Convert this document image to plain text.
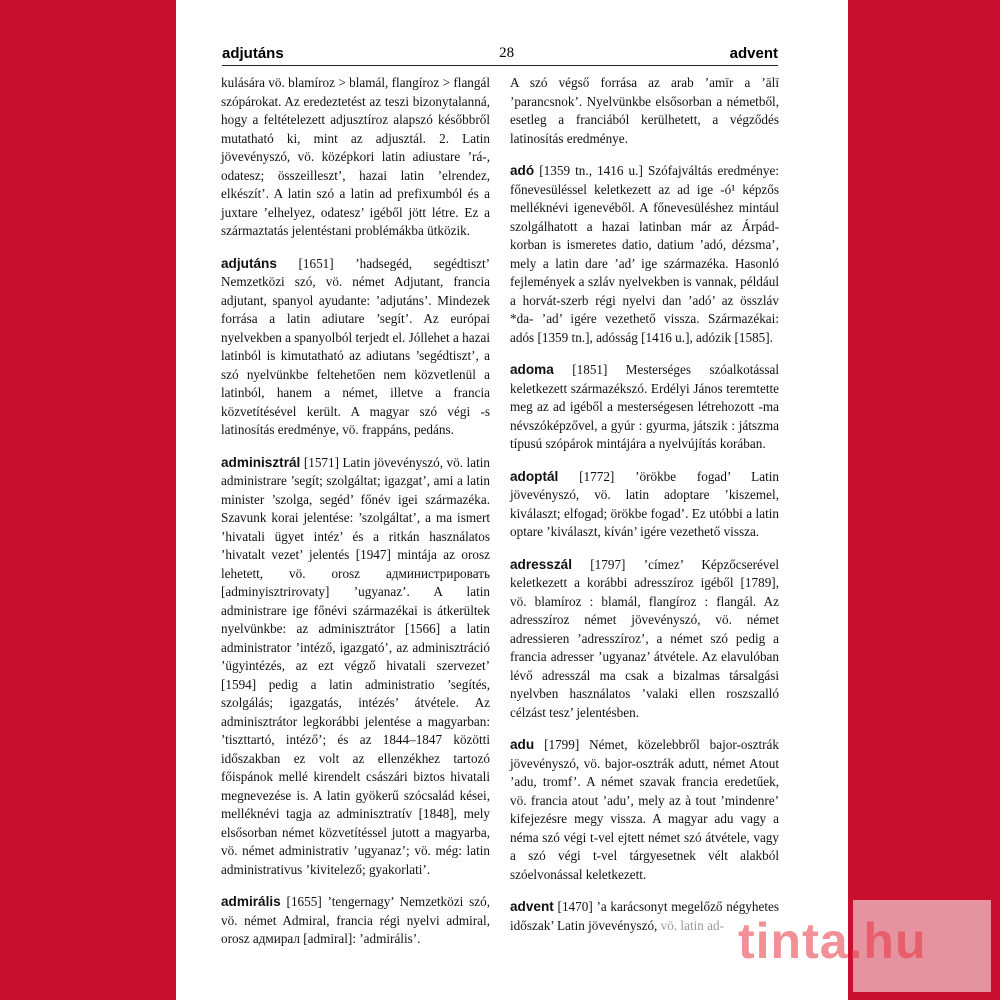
adjutáns	28	advent

kulására vö. blamíroz > blamál, flangíroz > flangál szópárokat. Az eredeztetést az teszi bizonytalanná, hogy a feltételezett adjusztíroz alapszó későbbről mutatható ki, mint az adjusztál. 2. Latin jövevényszó, vö. középkori latin adiustare ’rá-, odatesz; összeilleszt’, hazai latin ’elrendez, elkészít’. A latin szó a latin ad prefixumból és a juxtare ’elhelyez, odatesz’ igéből jött létre. Ez a származtatás jelentéstani problémákba ütközik.

adjutáns [1651] ’hadsegéd, segédtiszt’ Nemzetközi szó, vö. német Adjutant, francia adjutant, spanyol ayudante: ’adjutáns’. Mindezek forrása a latin adiutare ’segít’. Az európai nyelvekben a spanyolból terjedt el. Jóllehet a hazai latinból is kimutatható az adiutans ’segédtiszt’, a szó nyelvünkbe feltehetően nem közvetlenül a latinból, hanem a német, illetve a francia közvetítésével került. A magyar szó végi -s latinosítás eredménye, vö. frappáns, pedáns.

adminisztrál [1571] Latin jövevényszó, vö. latin administrare ’segít; szolgáltat; igazgat’, ami a latin minister ’szolga, segéd’ főnév igei származéka. Szavunk korai jelentése: ’szolgáltat’, a ma ismert ’hivatali ügyet intéz’ és a ritkán használatos ’hivatalt vezet’ jelentés [1947] mintája az orosz lehetett, vö. orosz администрировать [adminyisztrirovaty] ’ugyanaz’. A latin administrare ige főnévi származékai is átkerültek nyelvünkbe: az adminisztrátor [1566] a latin administrator ’intéző, igazgató’, az adminisztráció ’ügyintézés, az ezt végző hivatali szervezet’ [1594] pedig a latin administratio ’segítés, szolgálás; igazgatás, intézés’ átvétele. Az adminisztrátor legkorábbi jelentése a magyarban: ’tiszttartó, intéző’; és az 1844–1847 közötti időszakban ez volt az ellenzékhez tartozó főispánok mellé kirendelt császári biztos hivatali megnevezése is. A latin gyökerű szócsalád kései, melléknévi tagja az adminisztratív [1848], mely elsősorban német közvetítéssel jutott a magyarba, vö. német administrativ ’ugyanaz’; vö. még: latin administrativus ’kivitelező; gyakorlati’.

admirális [1655] ’tengernagy’ Nemzetközi szó, vö. német Admiral, francia régi nyelvi admiral, orosz адмирал [admiral]: ’admirális’.

A szó végső forrása az arab ’amīr a ’ālī ’parancsnok’. Nyelvünkbe elsősorban a németből, esetleg a franciából kerülhetett, a végződés latinosítás eredménye.

adó [1359 tn., 1416 u.] Szófajváltás eredménye: főnevesüléssel keletkezett az ad ige -ó¹ képzős melléknévi igenevéből. A főnevesüléshez mintául szolgálhatott a hazai latinban már az Árpád-korban is ismeretes datio, datium ’adó, dézsma’, mely a latin dare ’ad’ ige származéka. Hasonló fejlemények a szláv nyelvekben is vannak, például a horvát-szerb régi nyelvi dan ’adó’ az összláv *da- ’ad’ igére vezethető vissza. Származékai: adós [1359 tn.], adósság [1416 u.], adózik [1585].

adoma [1851] Mesterséges szóalkotással keletkezett származékszó. Erdélyi János teremtette meg az ad igéből a mesterségesen létrehozott -ma névszóképzővel, a gyúr : gyurma, játszik : játszma típusú szópárok mintájára a nyelvújítás korában.

adoptál [1772] ’örökbe fogad’ Latin jövevényszó, vö. latin adoptare ’kiszemel, kiválaszt; elfogad; örökbe fogad’. Ez utóbbi a latin optare ’kiválaszt, kíván’ igére vezethető vissza.

adresszál [1797] ’címez’ Képzőcserével keletkezett a korábbi adresszíroz igéből [1789], vö. blamíroz : blamál, flangíroz : flangál. Az adresszíroz német jövevényszó, vö. német adressieren ’adresszíroz’, a német szó pedig a francia adresser ’ugyanaz’ átvétele. Az elavulóban lévő adresszál ma csak a bizalmas társalgási nyelvben használatos ’valaki ellen roszszalló célzást tesz’ jelentésben.

adu [1799] Német, közelebbről bajor-osztrák jövevényszó, vö. bajor-osztrák adutt, német Atout ’adu, tromf’. A német szavak francia eredetűek, vö. francia atout ’adu’, mely az à tout ’mindenre’ kifejezésre megy vissza. A magyar adu vagy a néma szó végi t-vel ejtett német szó átvétele, vagy a szó végi t-vel tárgyesetnek vélt alakból szóelvonással keletkezett.

advent [1470] ’a karácsonyt megelőző négyhetes időszak’ Latin jövevényszó, vö. latin ad- tinta.hu
